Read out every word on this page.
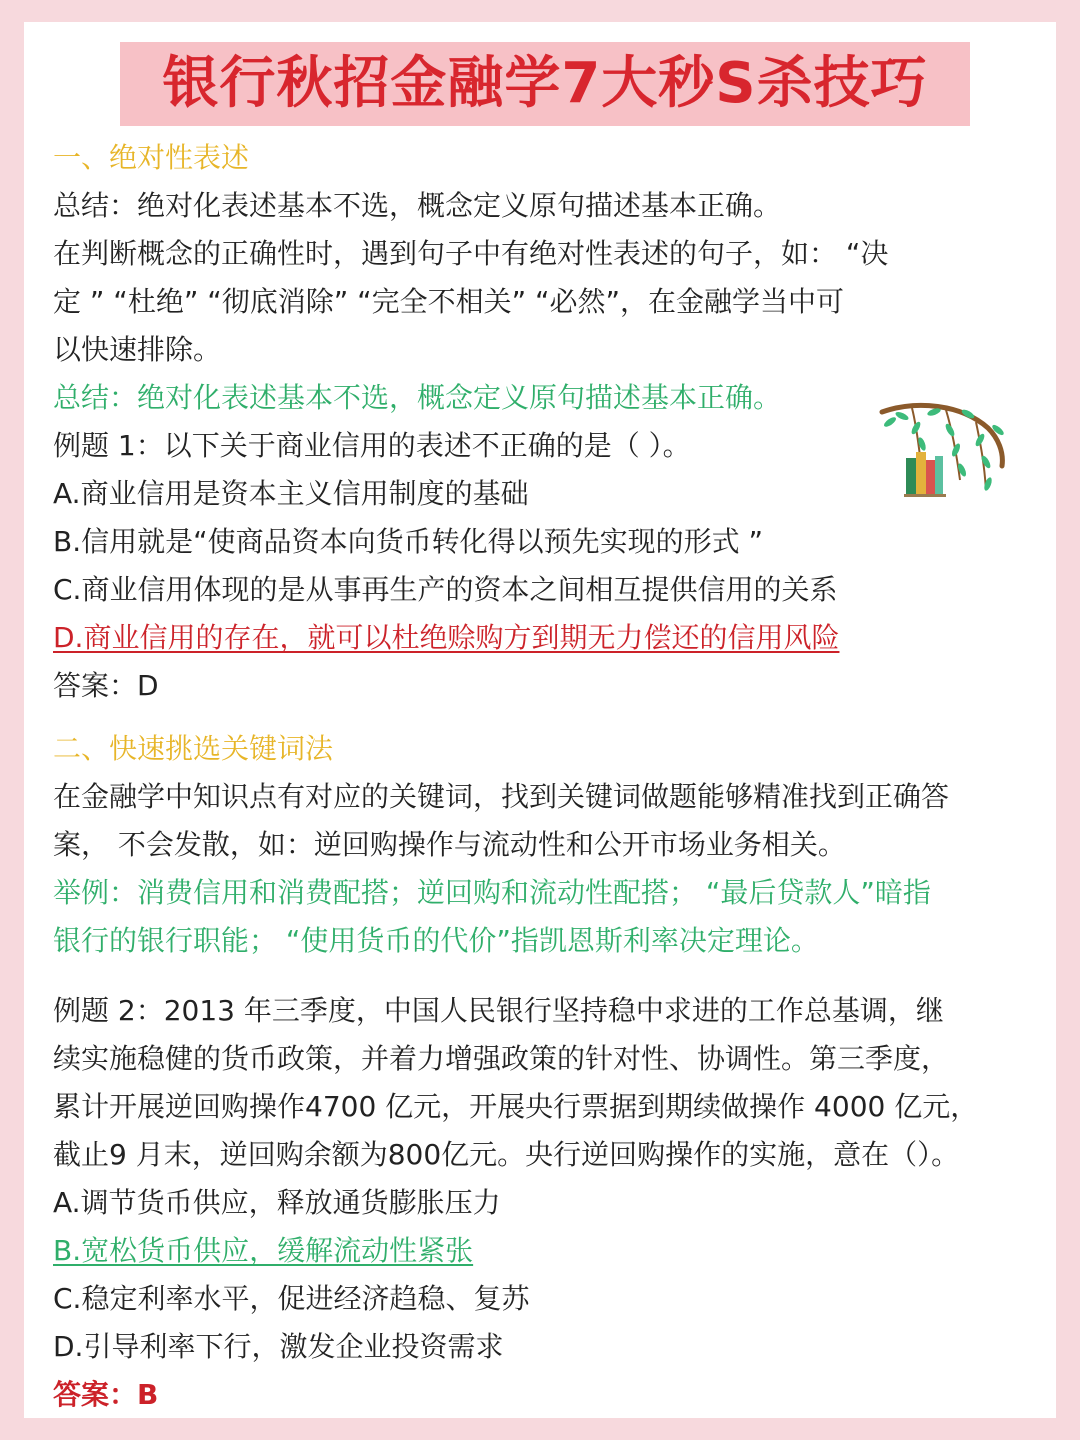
银行秋招金融学7大秒S杀技巧
一、绝对性表述
总结：绝对化表述基本不选，概念定义原句描述基本正确。
在判断概念的正确性时，遇到句子中有绝对性表述的句子，如： “决
定 ” “杜绝” “彻底消除” “完全不相关” “必然”，在金融学当中可
以快速排除。
总结：绝对化表述基本不选，概念定义原句描述基本正确。
例题 1：以下关于商业信用的表述不正确的是（ ）。
A.商业信用是资本主义信用制度的基础
B.信用就是“使商品资本向货币转化得以预先实现的形式 ”
C.商业信用体现的是从事再生产的资本之间相互提供信用的关系
D.商业信用的存在，就可以杜绝赊购方到期无力偿还的信用风险
答案：D
二、快速挑选关键词法
在金融学中知识点有对应的关键词，找到关键词做题能够精准找到正确答
案， 不会发散，如：逆回购操作与流动性和公开市场业务相关。
举例：消费信用和消费配搭；逆回购和流动性配搭； “最后贷款人”暗指
银行的银行职能； “使用货币的代价”指凯恩斯利率决定理论。
例题 2：2013 年三季度，中国人民银行坚持稳中求进的工作总基调，继
续实施稳健的货币政策，并着力增强政策的针对性、协调性。第三季度，
累计开展逆回购操作4700 亿元，开展央行票据到期续做操作 4000 亿元，
截止9 月末，逆回购余额为800亿元。央行逆回购操作的实施，意在（）。
A.调节货币供应，释放通货膨胀压力
B.宽松货币供应，缓解流动性紧张
C.稳定利率水平，促进经济趋稳、复苏
D.引导利率下行，激发企业投资需求
答案：B
